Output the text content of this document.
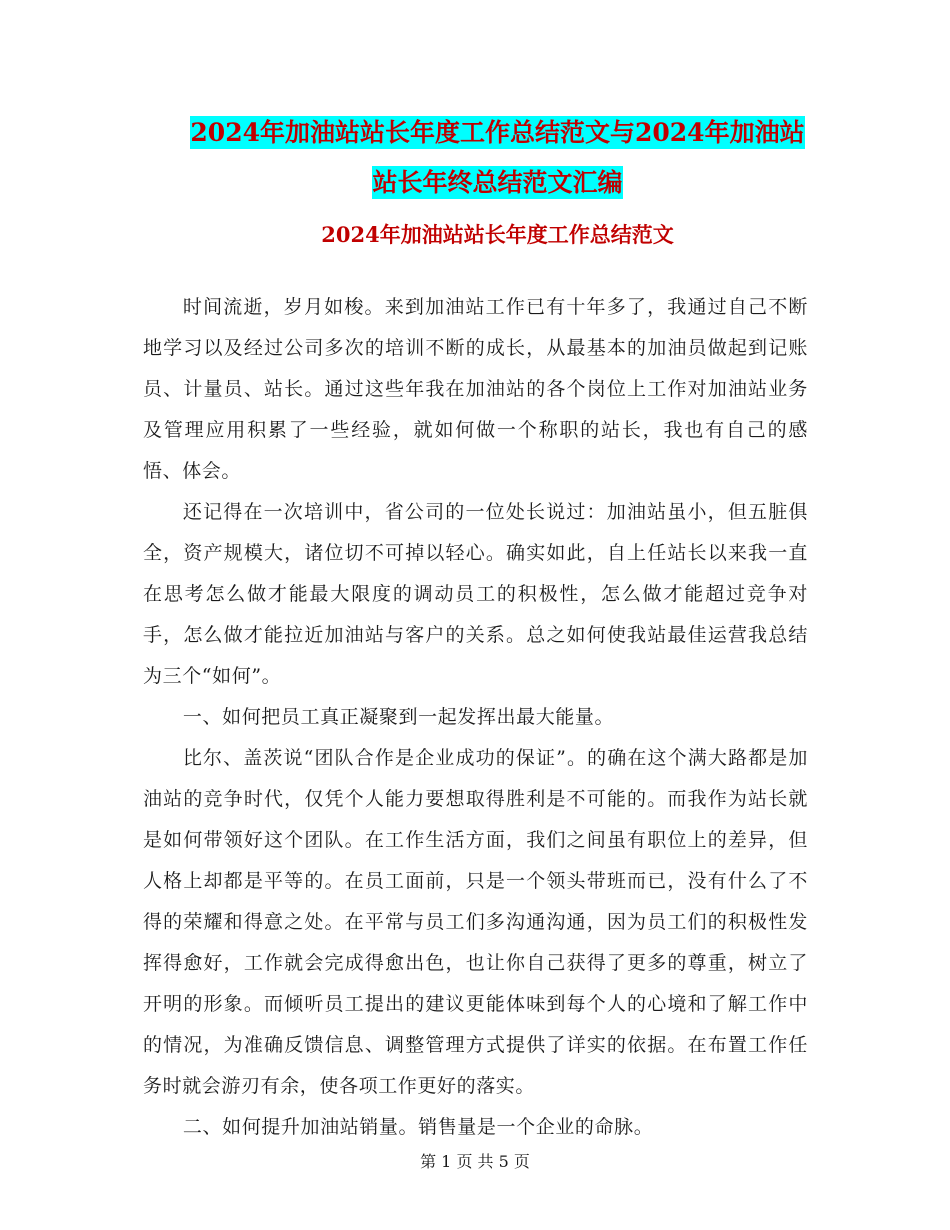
2024年加油站站长年度工作总结范文与2024年加油站
站长年终总结范文汇编
2024年加油站站长年度工作总结范文

时间流逝，岁月如梭。来到加油站工作已有十年多了，我通过自己不断地学习以及经过公司多次的培训不断的成长，从最基本的加油员做起到记账员、计量员、站长。通过这些年我在加油站的各个岗位上工作对加油站业务及管理应用积累了一些经验，就如何做一个称职的站长，我也有自己的感悟、体会。

还记得在一次培训中，省公司的一位处长说过：加油站虽小，但五脏俱全，资产规模大，诸位切不可掉以轻心。确实如此，自上任站长以来我一直在思考怎么做才能最大限度的调动员工的积极性，怎么做才能超过竞争对手，怎么做才能拉近加油站与客户的关系。总之如何使我站最佳运营我总结为三个“如何”。

一、如何把员工真正凝聚到一起发挥出最大能量。

比尔、盖茨说“团队合作是企业成功的保证”。的确在这个满大路都是加油站的竞争时代，仅凭个人能力要想取得胜利是不可能的。而我作为站长就是如何带领好这个团队。在工作生活方面，我们之间虽有职位上的差异，但人格上却都是平等的。在员工面前，只是一个领头带班而已，没有什么了不得的荣耀和得意之处。在平常与员工们多沟通沟通，因为员工们的积极性发挥得愈好，工作就会完成得愈出色，也让你自己获得了更多的尊重，树立了开明的形象。而倾听员工提出的建议更能体味到每个人的心境和了解工作中的情况，为准确反馈信息、调整管理方式提供了详实的依据。在布置工作任务时就会游刃有余，使各项工作更好的落实。

二、如何提升加油站销量。销售量是一个企业的命脉。

第 1 页 共 5 页
